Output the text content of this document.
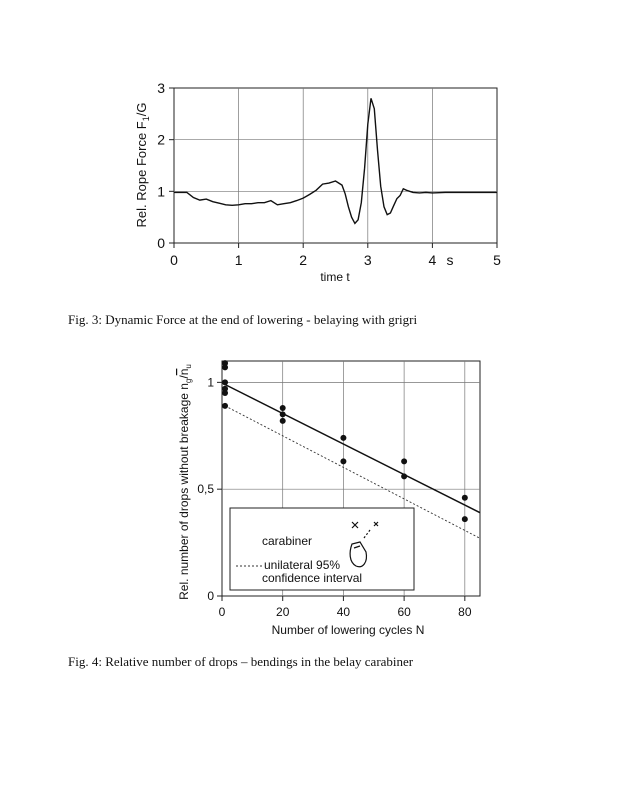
0
1
2
3
0	1	2	3	4	5
Rel. Rope Force $F_1/G$
time t
s
0
0,5
1
0	20	40	60	80
Rel. number of drops without breakage $n_g/n_u$
Number of lowering cycles N
carabiner
unilateral 95%
confidence interval
Fig. 3: Dynamic Force at the end of lowering - belaying with grigri
Fig. 4: Relative number of drops – bendings in the belay carabiner
